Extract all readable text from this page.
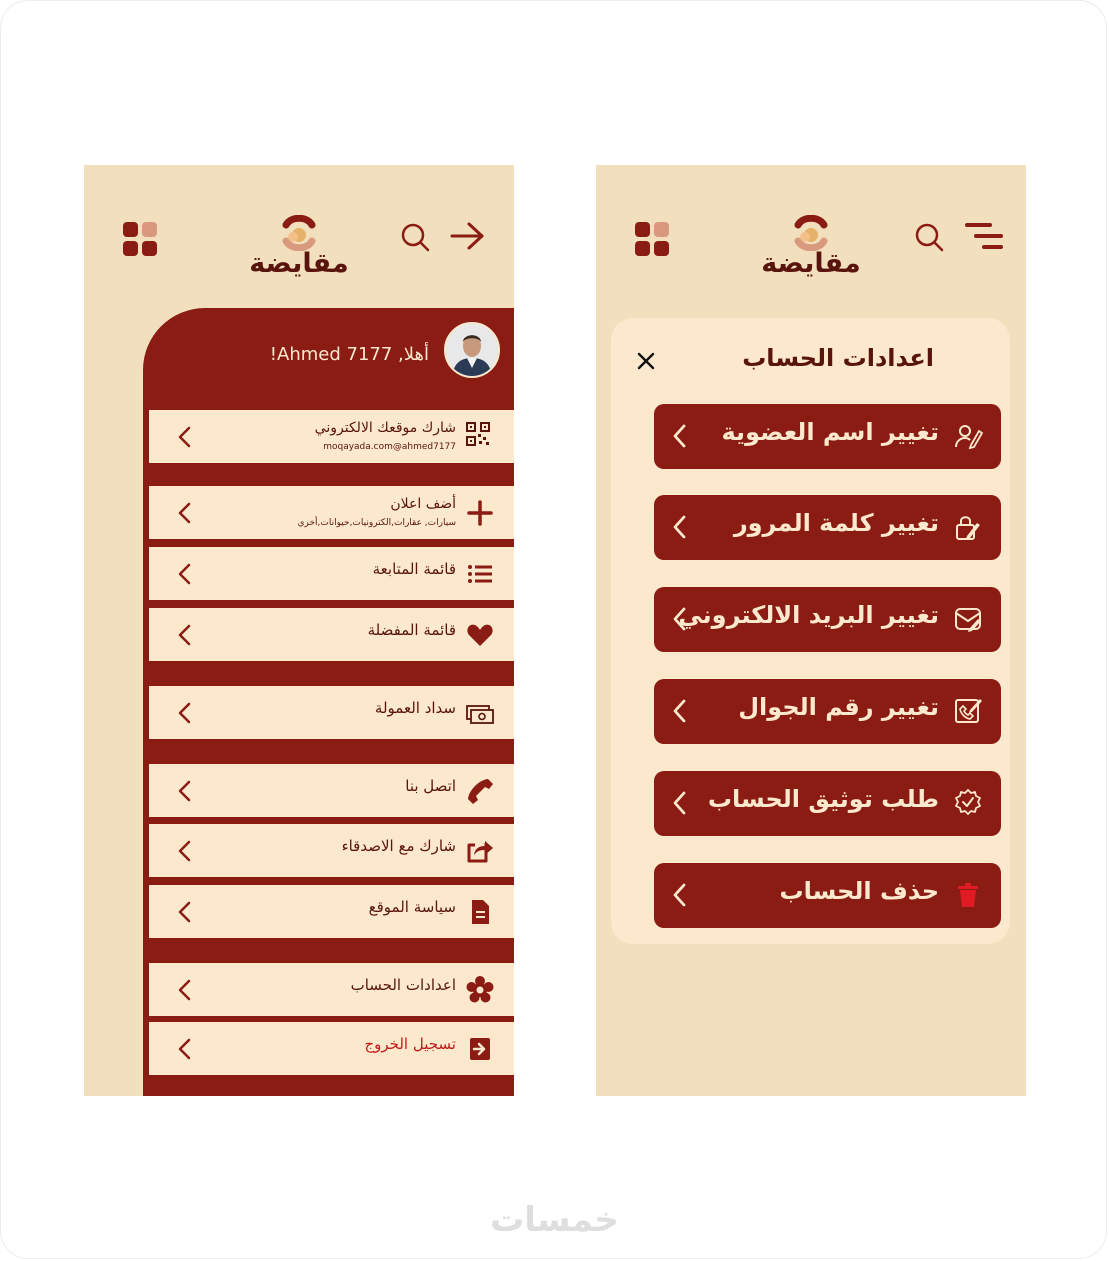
مقايضة
أهلا, Ahmed 7177!
شارك موقعك الالكتروني
moqayada.com@ahmed7177
أضف اعلان
سيارات, عقارات,الكترونيات,حيوانات,أخري
قائمة المتابعة
قائمة المفضلة
سداد العمولة
اتصل بنا
شارك مع الاصدقاء
سياسة الموقع
اعدادات الحساب
تسجيل الخروج
مقايضة
اعدادات الحساب
تغيير اسم العضوية
تغيير كلمة المرور
تغيير البريد الالكتروني
تغيير رقم الجوال
طلب توثيق الحساب
حذف الحساب
خمسات
